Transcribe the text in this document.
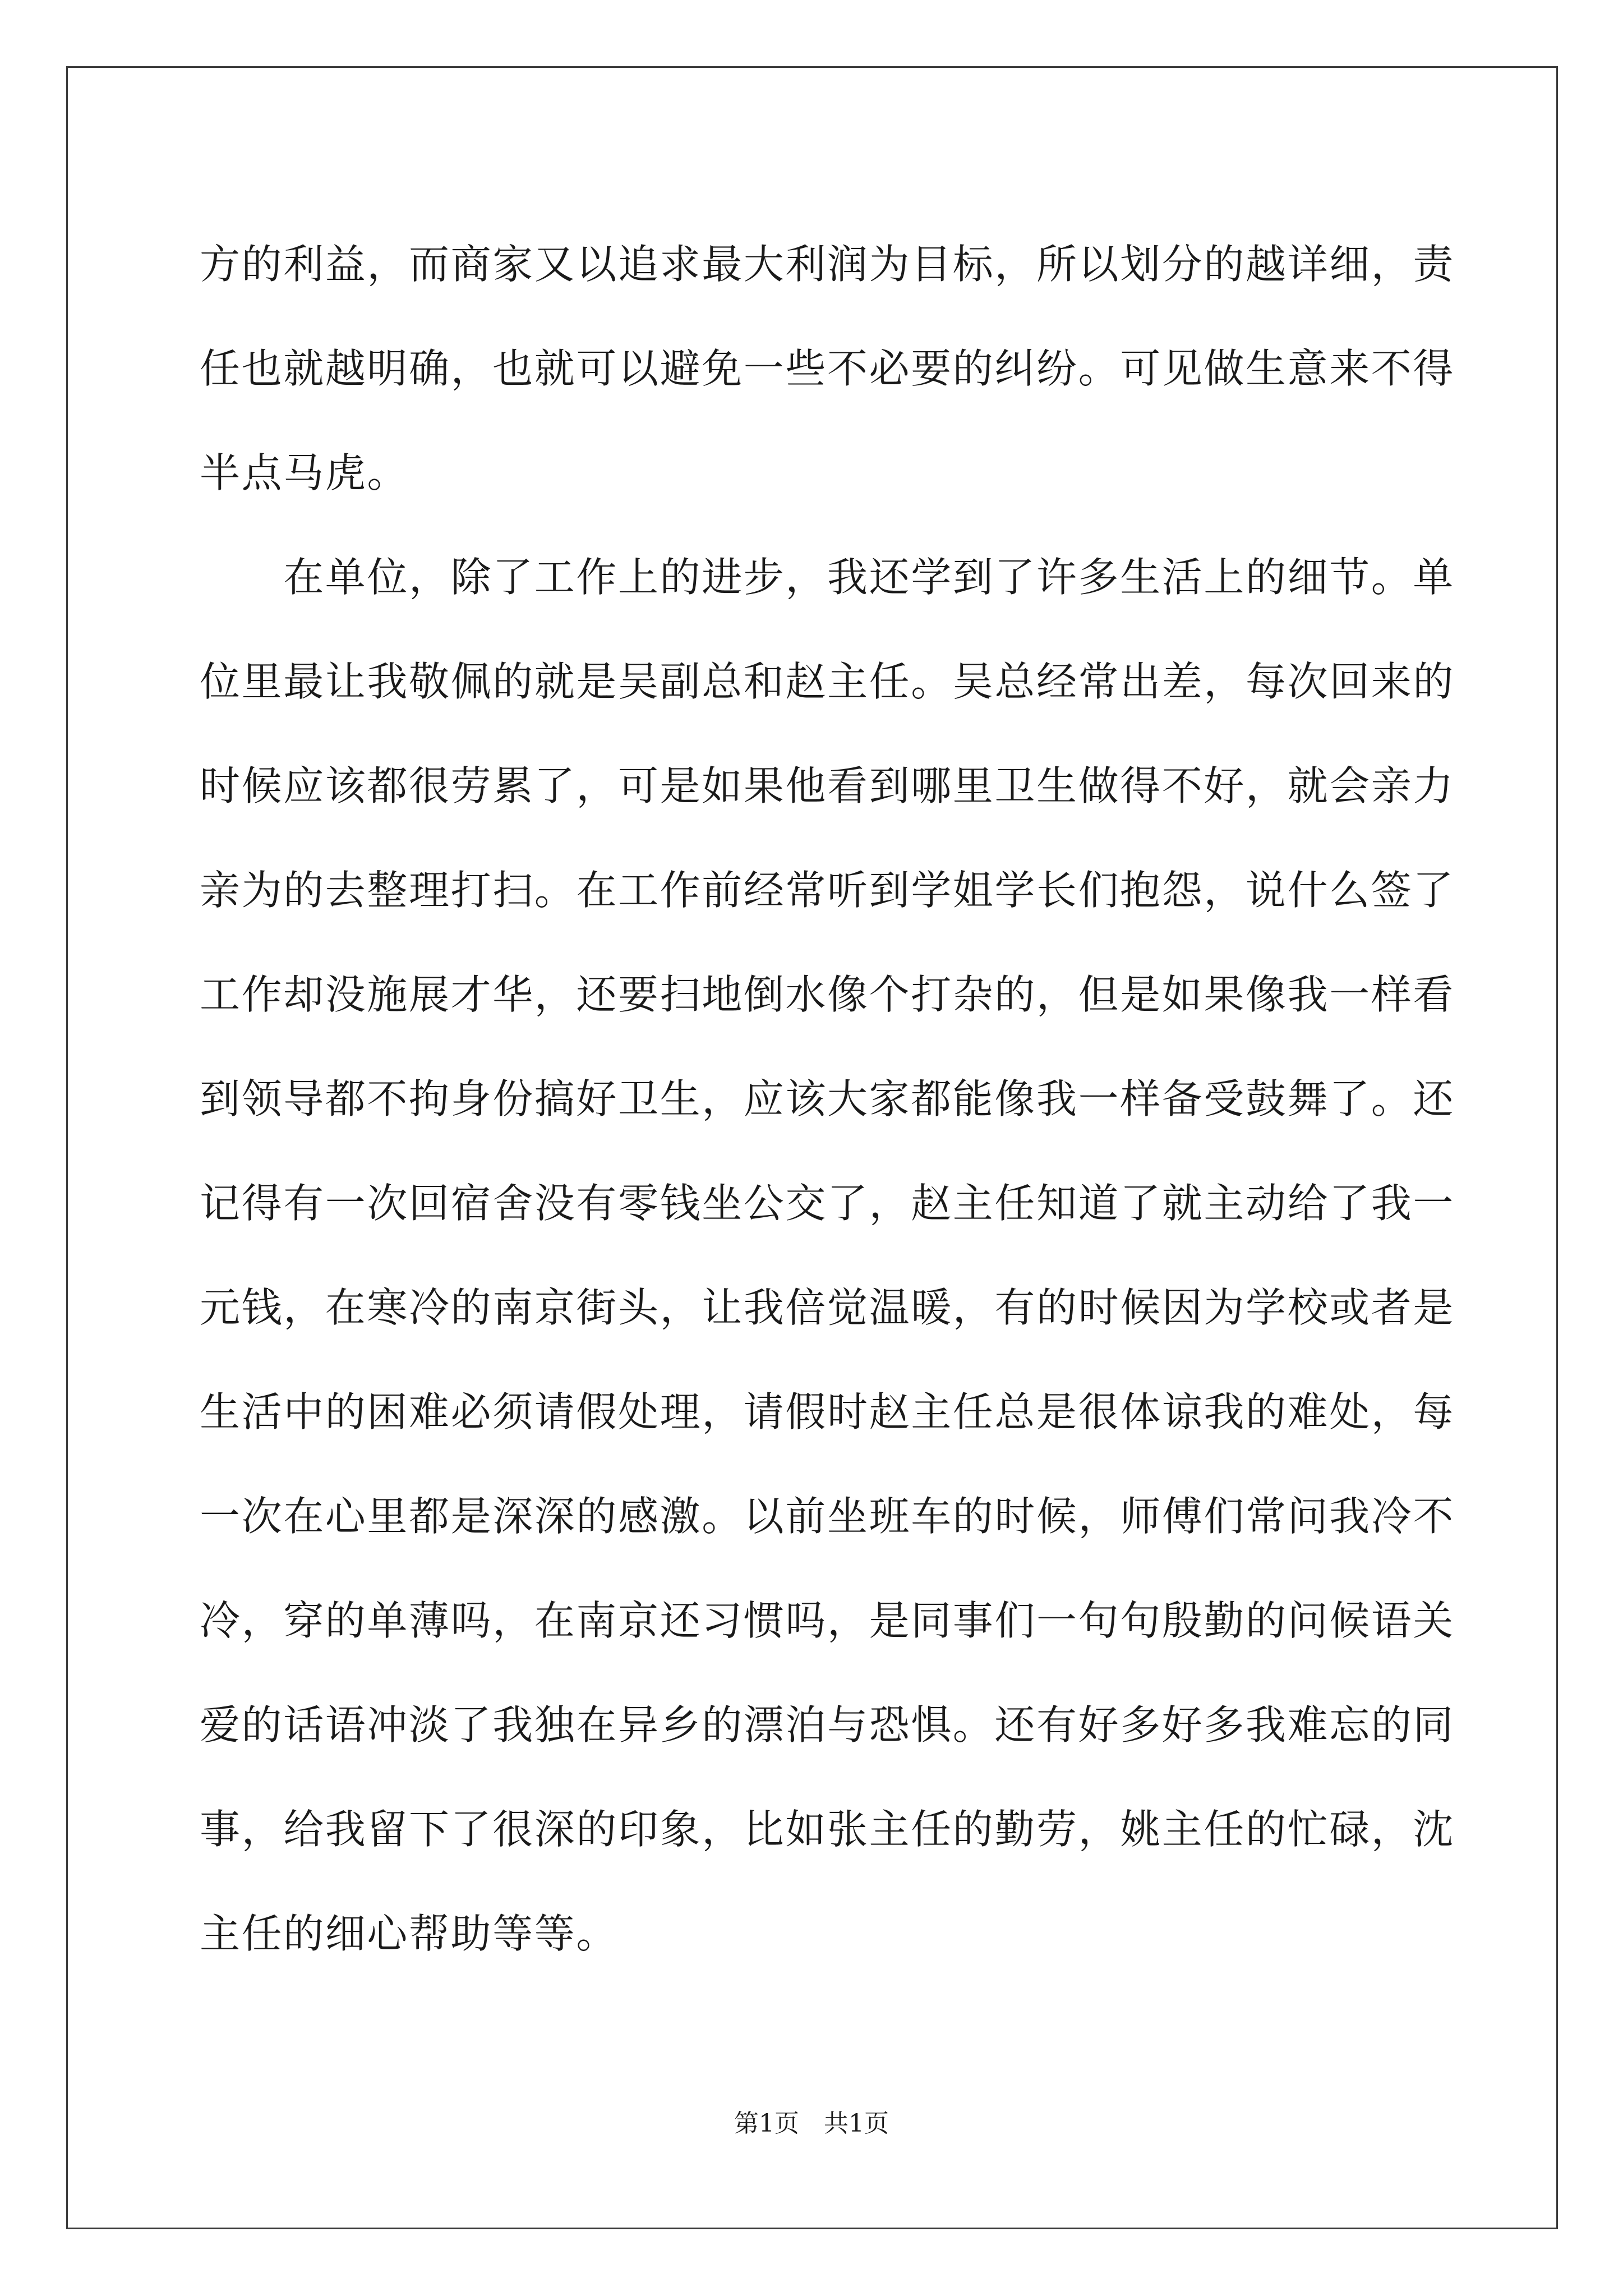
方的利益，而商家又以追求最大利润为目标，所以划分的越详细，责
任也就越明确，也就可以避免一些不必要的纠纷。可见做生意来不得
半点马虎。
　　在单位，除了工作上的进步，我还学到了许多生活上的细节。单
位里最让我敬佩的就是吴副总和赵主任。吴总经常出差，每次回来的
时候应该都很劳累了，可是如果他看到哪里卫生做得不好，就会亲力
亲为的去整理打扫。在工作前经常听到学姐学长们抱怨，说什么签了
工作却没施展才华，还要扫地倒水像个打杂的，但是如果像我一样看
到领导都不拘身份搞好卫生，应该大家都能像我一样备受鼓舞了。还
记得有一次回宿舍没有零钱坐公交了，赵主任知道了就主动给了我一
元钱，在寒冷的南京街头，让我倍觉温暖，有的时候因为学校或者是
生活中的困难必须请假处理，请假时赵主任总是很体谅我的难处，每
一次在心里都是深深的感激。以前坐班车的时候，师傅们常问我冷不
冷，穿的单薄吗，在南京还习惯吗，是同事们一句句殷勤的问候语关
爱的话语冲淡了我独在异乡的漂泊与恐惧。还有好多好多我难忘的同
事，给我留下了很深的印象，比如张主任的勤劳，姚主任的忙碌，沈
主任的细心帮助等等。
第1页　共1页
